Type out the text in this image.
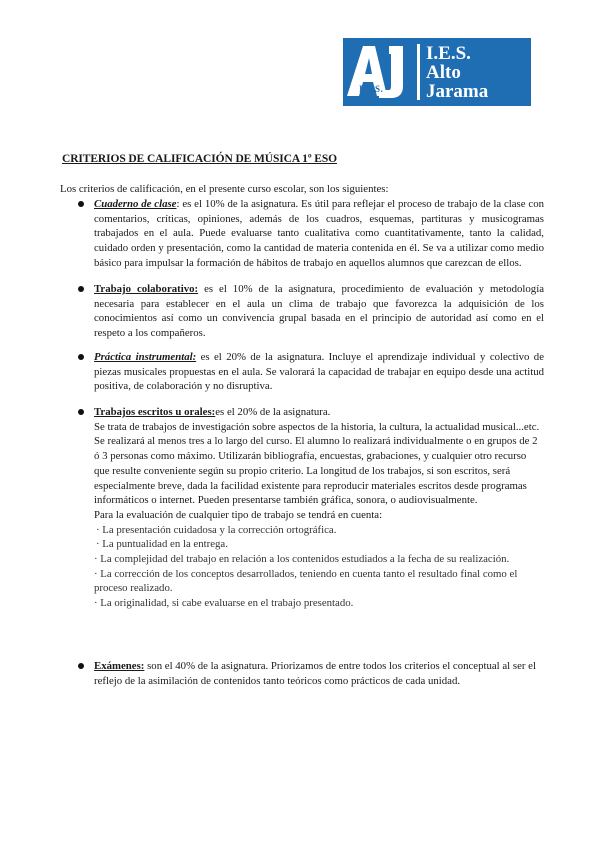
I.E.S.
I.E.S.
Alto
Jarama
CRITERIOS DE CALIFICACIÓN DE MÚSICA 1º ESO

Los criterios de calificación, en el presente curso escolar, son los siguientes:

Cuaderno de clase: es el 10% de la asignatura. Es útil para reflejar el proceso de trabajo de la clase con comentarios, críticas, opiniones, además de los cuadros, esquemas, partituras y musicogramas trabajados en el aula. Puede evaluarse tanto cualitativa como cuantitativamente, tanto la calidad, cuidado orden y presentación, como la cantidad de materia contenida en él. Se va a utilizar como medio básico para impulsar la formación de hábitos de trabajo en aquellos alumnos que carezcan de ellos.

Trabajo colaborativo: es el 10% de la asignatura, procedimiento de evaluación y metodología necesaria para establecer en el aula un clima de trabajo que favorezca la adquisición de los conocimientos así como un convivencia grupal basada en el principio de autoridad así como en el respeto a los compañeros.

Práctica instrumental: es el 20% de la asignatura. Incluye el aprendizaje individual y colectivo de piezas musicales propuestas en el aula. Se valorará la capacidad de trabajar en equipo desde una actitud positiva, de colaboración y no disruptiva.

Trabajos escritos u orales:es el 20% de la asignatura.

Se trata de trabajos de investigación sobre aspectos de la historia, la cultura, la actualidad musical...etc. Se realizará al menos tres a lo largo del curso. El alumno lo realizará individualmente o en grupos de 2 ó 3 personas como máximo. Utilizarán bibliografía, encuestas, grabaciones, y cualquier otro recurso que resulte conveniente según su propio criterio. La longitud de los trabajos, si son escritos, será especialmente breve, dada la facilidad existente para reproducir materiales escritos desde programas informáticos o internet. Pueden presentarse también gráfica, sonora, o audiovisualmente.

Para la evaluación de cualquier tipo de trabajo se tendrá en cuenta:

· La presentación cuidadosa y la corrección ortográfica.

· La puntualidad en la entrega.

· La complejidad del trabajo en relación a los contenidos estudiados a la fecha de su realización.

· La corrección de los conceptos desarrollados, teniendo en cuenta tanto el resultado final como el proceso realizado.

· La originalidad, si cabe evaluarse en el trabajo presentado.

Exámenes: son el 40% de la asignatura. Priorizamos de entre todos los criterios el conceptual al ser el reflejo de la asimilación de contenidos tanto teóricos como prácticos de cada unidad.
